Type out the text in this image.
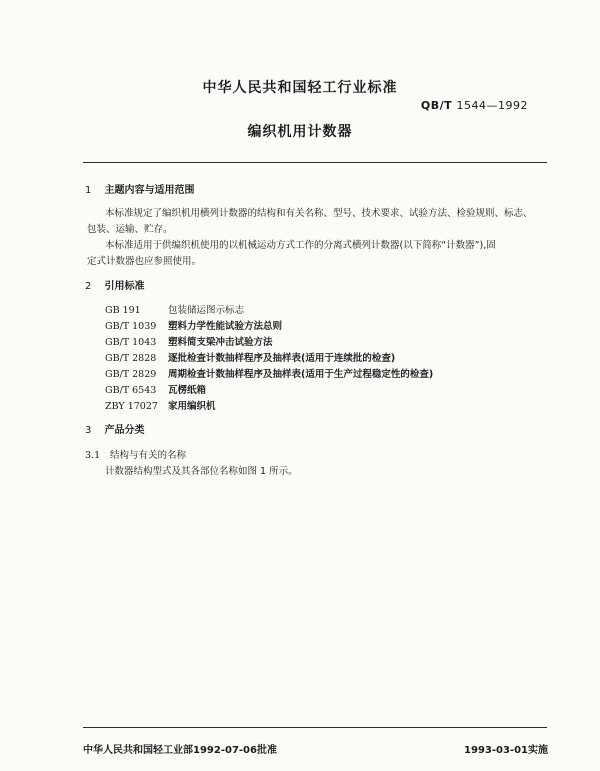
中华人民共和国轻工行业标准
QB/T 1544—1992
编织机用计数器
1 主题内容与适用范围
本标准规定了编织机用横列计数器的结构和有关名称、型号、技术要求、试验方法、检验规则、标志、
包装、运输、贮存。
本标准适用于供编织机使用的以机械运动方式工作的分离式横列计数器(以下简称“计数器”),固
定式计数器也应参照使用。
2 引用标准
GB 191	包装储运图示标志
GB/T 1039 塑料力学性能试验方法总则
GB/T 1043 塑料简支梁冲击试验方法
GB/T 2828 逐批检查计数抽样程序及抽样表(适用于连续批的检查)
GB/T 2829 周期检查计数抽样程序及抽样表(适用于生产过程稳定性的检查)
GB/T 6543 瓦楞纸箱
ZBY 17027 家用编织机
3 产品分类
3.1 结构与有关的名称
计数器结构型式及其各部位名称如图 1 所示。
中华人民共和国轻工业部1992-07-06批准	1993-03-01实施
